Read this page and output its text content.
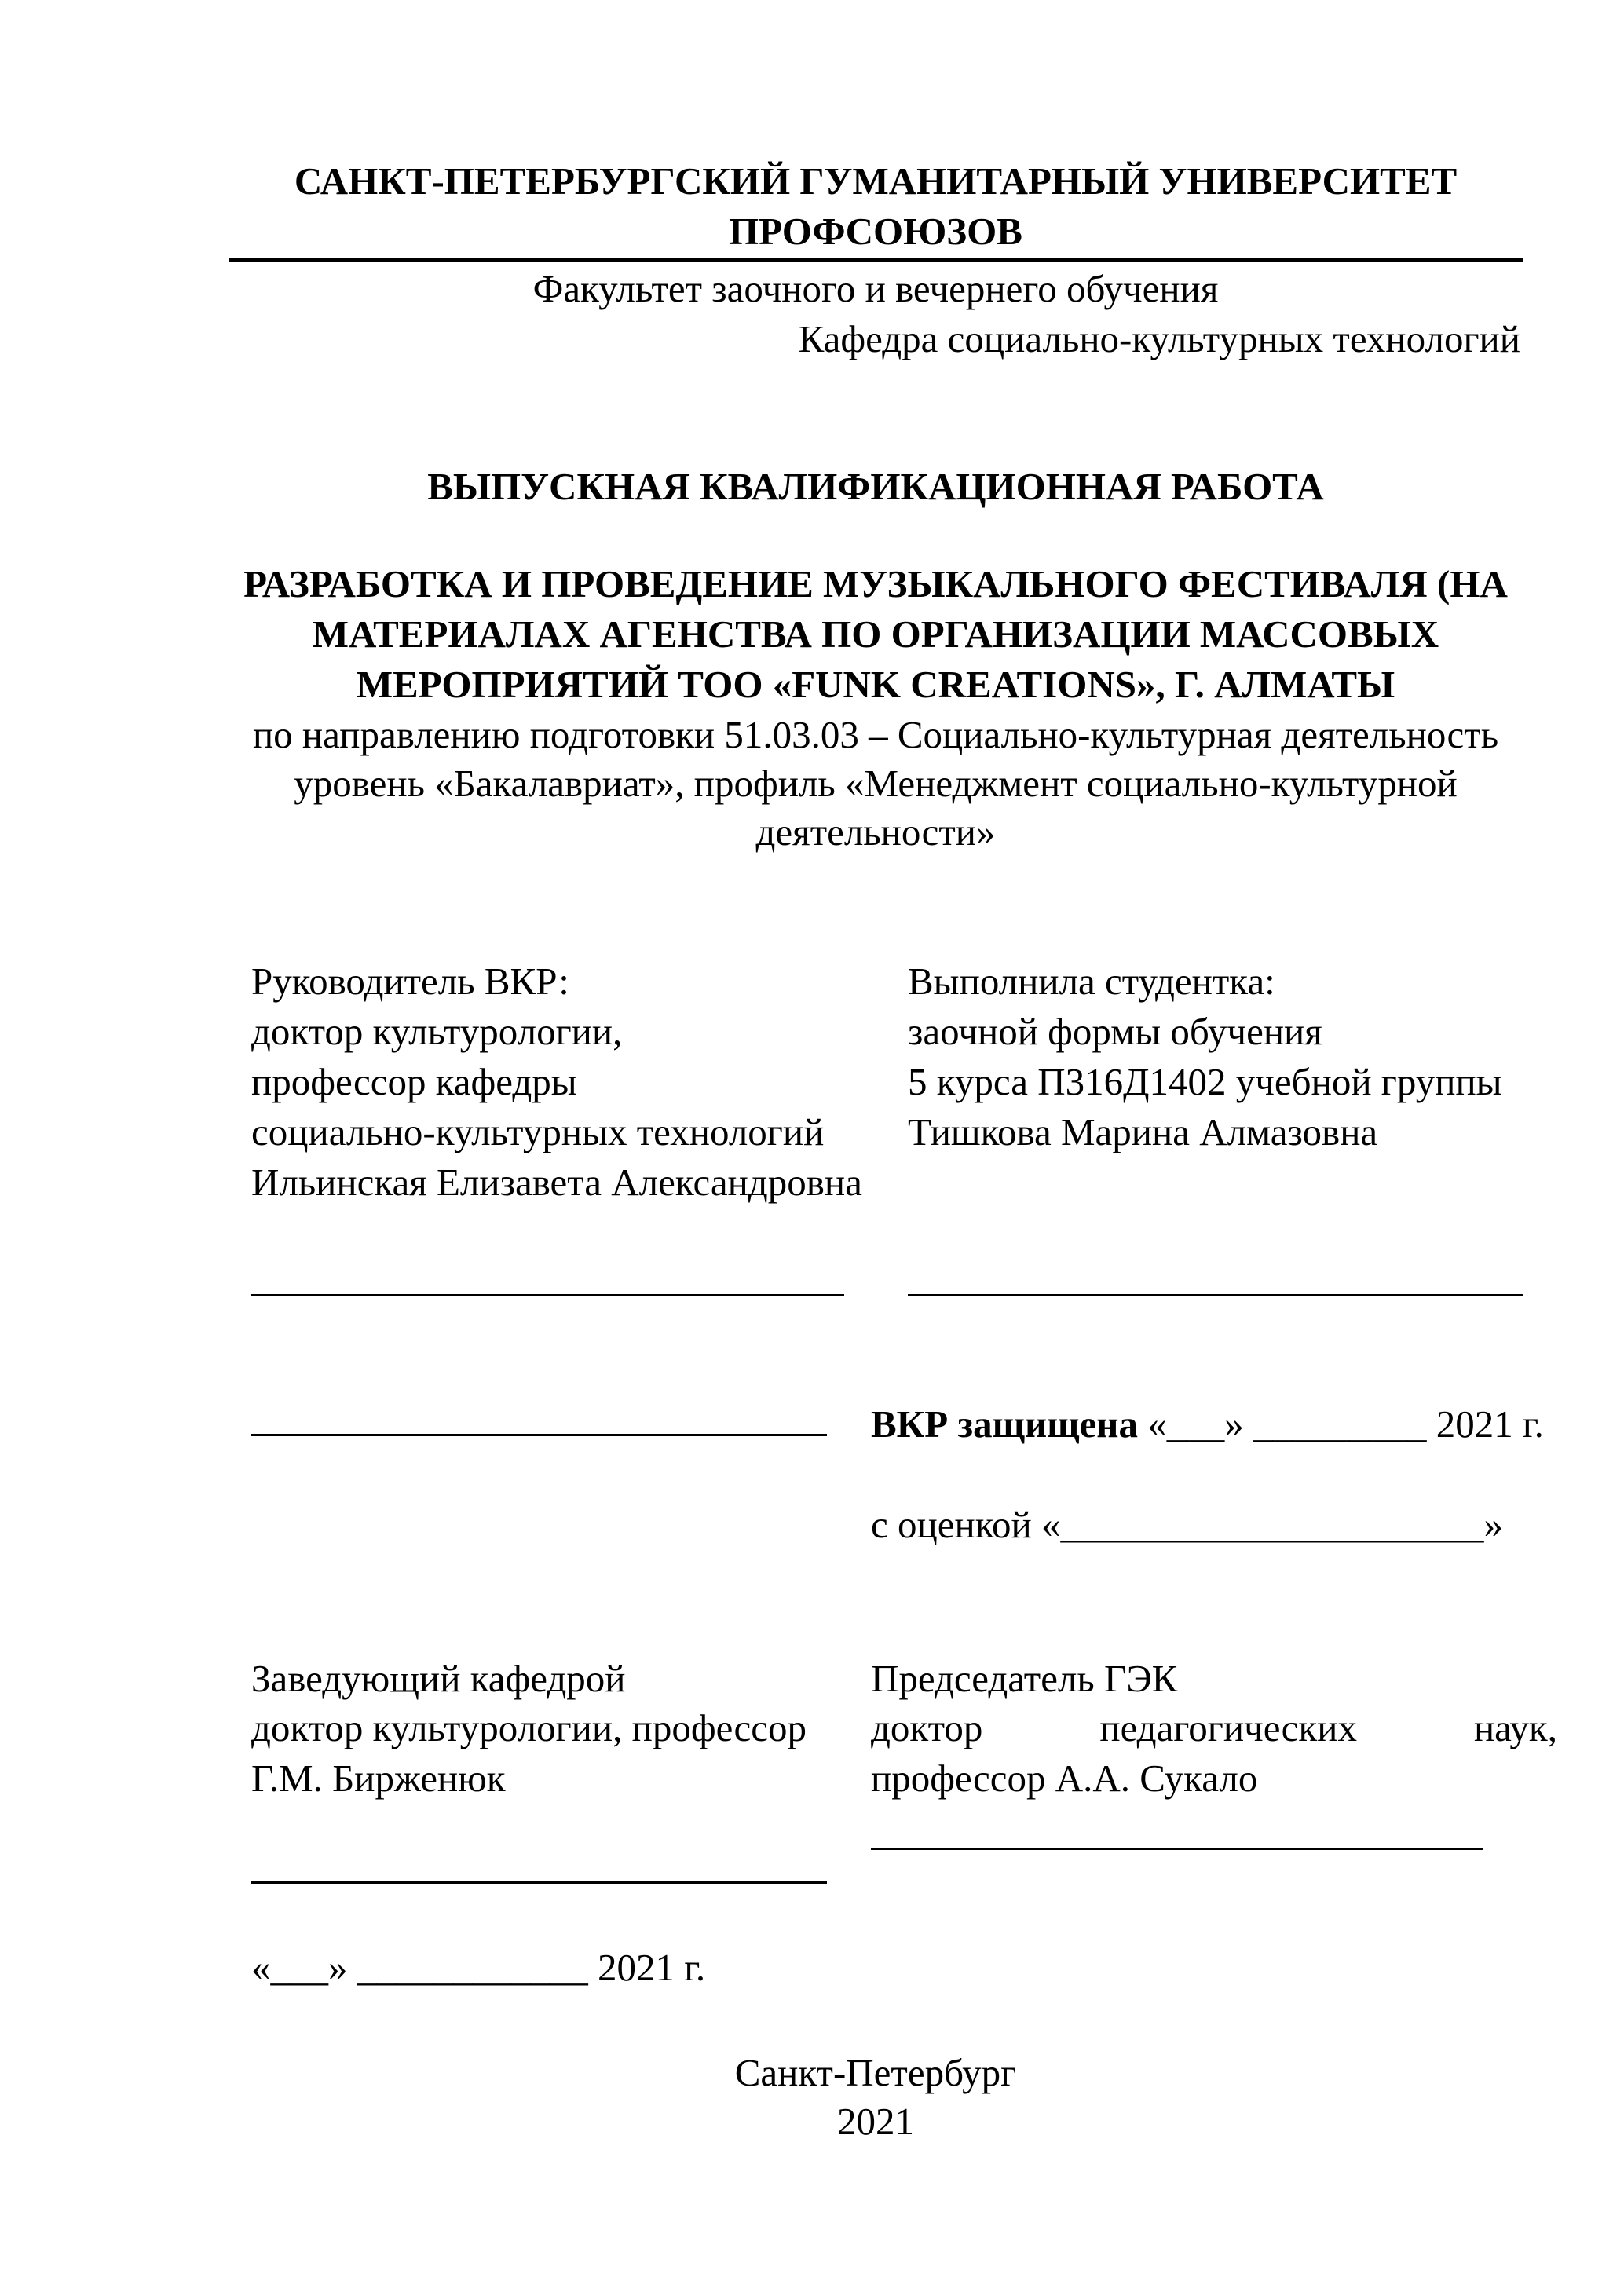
САНКТ-ПЕТЕРБУРГСКИЙ ГУМАНИТАРНЫЙ УНИВЕРСИТЕТ
ПРОФСОЮЗОВ
Факультет заочного и вечернего обучения
Кафедра социально-культурных технологий
ВЫПУСКНАЯ КВАЛИФИКАЦИОННАЯ РАБОТА
РАЗРАБОТКА И ПРОВЕДЕНИЕ МУЗЫКАЛЬНОГО ФЕСТИВАЛЯ (НА
МАТЕРИАЛАХ АГЕНСТВА ПО ОРГАНИЗАЦИИ МАССОВЫХ
МЕРОПРИЯТИЙ ТОО «FUNK CREATIONS», Г. АЛМАТЫ
по направлению подготовки 51.03.03 – Социально-культурная деятельность
уровень «Бакалавриат», профиль «Менеджмент социально-культурной
деятельности»
Руководитель ВКР:
доктор культурологии,
профессор кафедры
социально-культурных технологий
Ильинская Елизавета Александровна
Выполнила студентка:
заочной формы обучения
5 курса П316Д1402 учебной группы
Тишкова Марина Алмазовна
ВКР защищена «___» _________ 2021 г.
с оценкой «______________________»
Заведующий кафедрой
доктор культурологии, профессор
Г.М. Бирженюк
Председатель ГЭК
доктор педагогических наук,
профессор А.А. Сукало
«___» ____________ 2021 г.
Санкт-Петербург
2021
